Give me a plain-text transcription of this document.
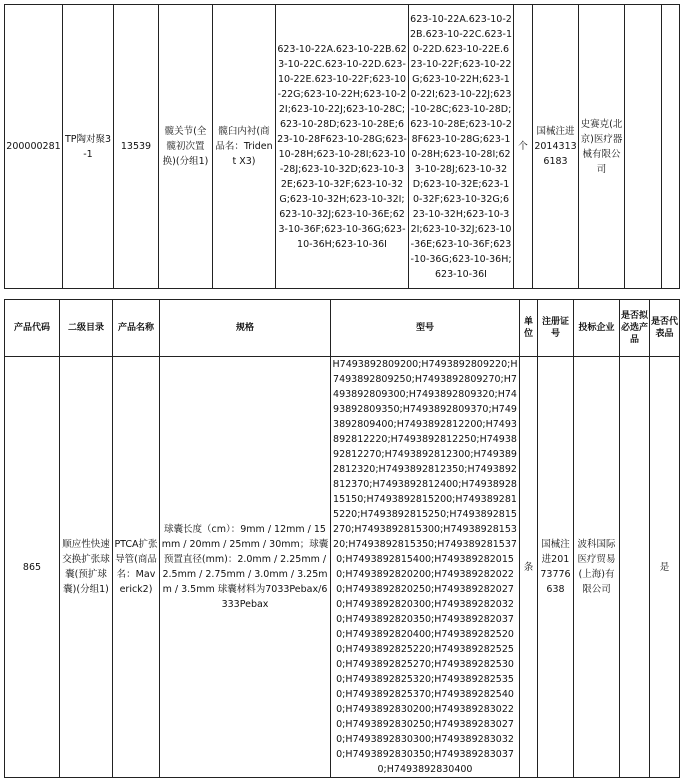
200000281	TP陶对聚3-1	13539	髋关节(全髋初次置换)(分组1)	髋臼内衬(商品名：Trident X3)	623-10-22A.623-10-22B.623-10-22C.623-10-22D.623-10-22E.623-10-22F;623-10-22G;623-10-22H;623-10-22I;623-10-22J;623-10-28C;623-10-28D;623-10-28E;623-10-28F623-10-28G;623-10-28H;623-10-28I;623-10-28J;623-10-32D;623-10-32E;623-10-32F;623-10-32G;623-10-32H;623-10-32I;623-10-32J;623-10-36E;623-10-36F;623-10-36G;623-10-36H;623-10-36I	623-10-22A.623-10-22B.623-10-22C.623-10-22D.623-10-22E.623-10-22F;623-10-22G;623-10-22H;623-10-22I;623-10-22J;623-10-28C;623-10-28D;623-10-28E;623-10-28F623-10-28G;623-10-28H;623-10-28I;623-10-28J;623-10-32D;623-10-32E;623-10-32F;623-10-32G;623-10-32H;623-10-32I;623-10-32J;623-10-36E;623-10-36F;623-10-36G;623-10-36H;623-10-36I	个	国械注进20143136183	史赛克(北京)医疗器械有限公司		
产品代码	二级目录	产品名称	规格	型号	单位	注册证号	投标企业	是否拟必选产品	是否代表品
865	顺应性快速交换扩张球囊(预扩球囊)(分组1)	PTCA扩张导管(商品名：Maverick2)	球囊长度（cm）：9mm / 12mm / 15mm / 20mm / 25mm / 30mm；球囊预置直径(mm)：2.0mm / 2.25mm / 2.5mm / 2.75mm / 3.0mm / 3.25mm / 3.5mm 球囊材料为7033Pebax/6333Pebax	H7493892809200;H7493892809220;H7493892809250;H7493892809270;H7493892809300;H7493892809320;H7493892809350;H7493892809370;H7493892809400;H7493892812200;H7493892812220;H7493892812250;H7493892812270;H7493892812300;H7493892812320;H7493892812350;H7493892812370;H7493892812400;H7493892815150;H7493892815200;H7493892815220;H7493892815250;H7493892815270;H7493892815300;H7493892815320;H7493892815350;H7493892815370;H7493892815400;H7493892820150;H7493892820200;H7493892820220;H7493892820250;H7493892820270;H7493892820300;H7493892820320;H7493892820350;H7493892820370;H7493892820400;H7493892825200;H7493892825220;H7493892825250;H7493892825270;H7493892825300;H7493892825320;H7493892825350;H7493892825370;H7493892825400;H7493892830200;H7493892830220;H7493892830250;H7493892830270;H7493892830300;H7493892830320;H7493892830350;H7493892830370;H7493892830400	条	国械注进20173776638	波科国际医疗贸易(上海)有限公司		是
